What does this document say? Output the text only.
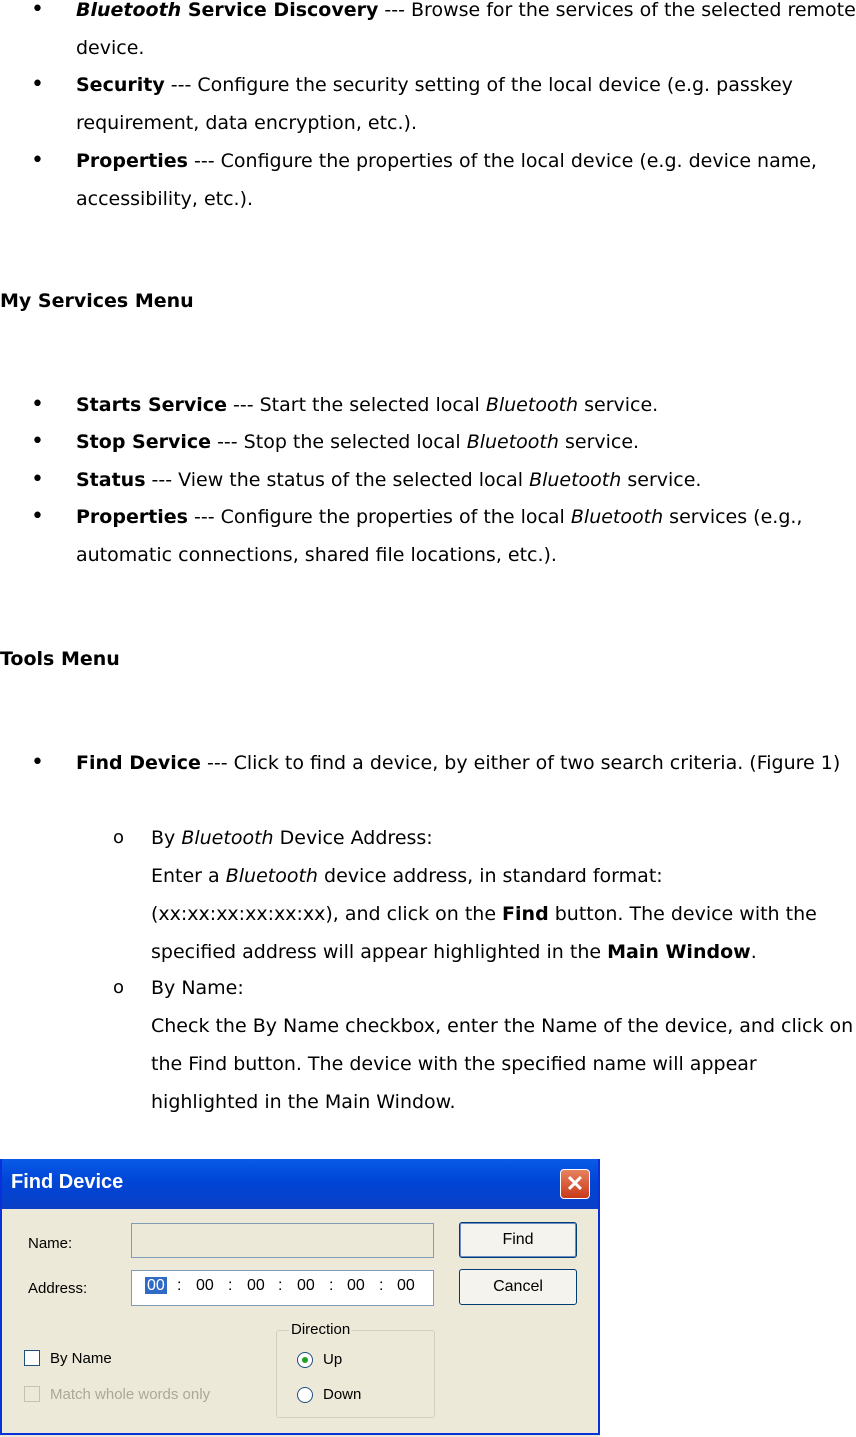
• Bluetooth Service Discovery --- Browse for the services of the selected remote device.
• Security --- Configure the security setting of the local device (e.g. passkey requirement, data encryption, etc.).
• Properties --- Configure the properties of the local device (e.g. device name, accessibility, etc.).
My Services Menu
• Starts Service --- Start the selected local Bluetooth service.
• Stop Service --- Stop the selected local Bluetooth service.
• Status --- View the status of the selected local Bluetooth service.
• Properties --- Configure the properties of the local Bluetooth services (e.g., automatic connections, shared file locations, etc.).
Tools Menu
• Find Device --- Click to find a device, by either of two search criteria. (Figure 1)
o By Bluetooth Device Address:
Enter a Bluetooth device address, in standard format: (xx:xx:xx:xx:xx:xx), and click on the Find button. The device with the specified address will appear highlighted in the Main Window.
o By Name:
Check the By Name checkbox, enter the Name of the device, and click on the Find button. The device with the specified name will appear highlighted in the Main Window.
Find Device	✕
Name:
Address:	00 : 00 : 00 : 00 : 00 : 00
Find
Cancel
By Name
Match whole words only
Direction
Up
Down
